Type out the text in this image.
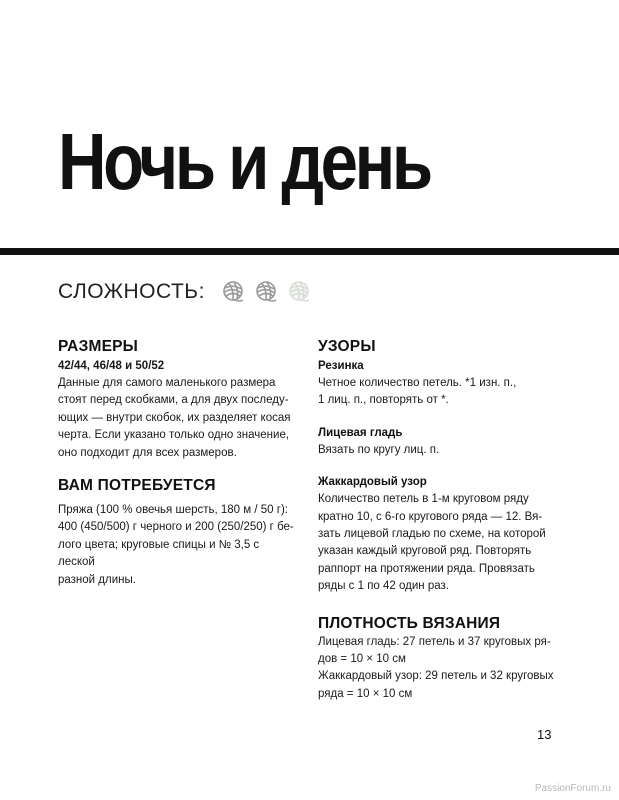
Ночь и день
СЛОЖНОСТЬ:
РАЗМЕРЫ
42/44, 46/48 и 50/52

Данные для самого маленького размера
стоят перед скобками, а для двух последу-
ющих — внутри скобок, их разделяет косая
черта. Если указано только одно значение,
оно подходит для всех размеров.

ВАМ ПОТРЕБУЕТСЯ

Пряжа (100 % овечья шерсть, 180 м / 50 г):
400 (450/500) г черного и 200 (250/250) г бе-
лого цвета; круговые спицы и № 3,5 с леской
разной длины.

УЗОРЫ
Резинка

Четное количество петель. *1 изн. п.,
1 лиц. п., повторять от *.

Лицевая гладь

Вязать по кругу лиц. п.

Жаккардовый узор

Количество петель в 1-м круговом ряду
кратно 10, с 6-го кругового ряда — 12. Вя-
зать лицевой гладью по схеме, на которой
указан каждый круговой ряд. Повторять
раппорт на протяжении ряда. Провязать
ряды с 1 по 42 один раз.

ПЛОТНОСТЬ ВЯЗАНИЯ

Лицевая гладь: 27 петель и 37 круговых ря-
дов = 10 × 10 см
Жаккардовый узор: 29 петель и 32 круговых
ряда = 10 × 10 см

13
PassionForum.ru
